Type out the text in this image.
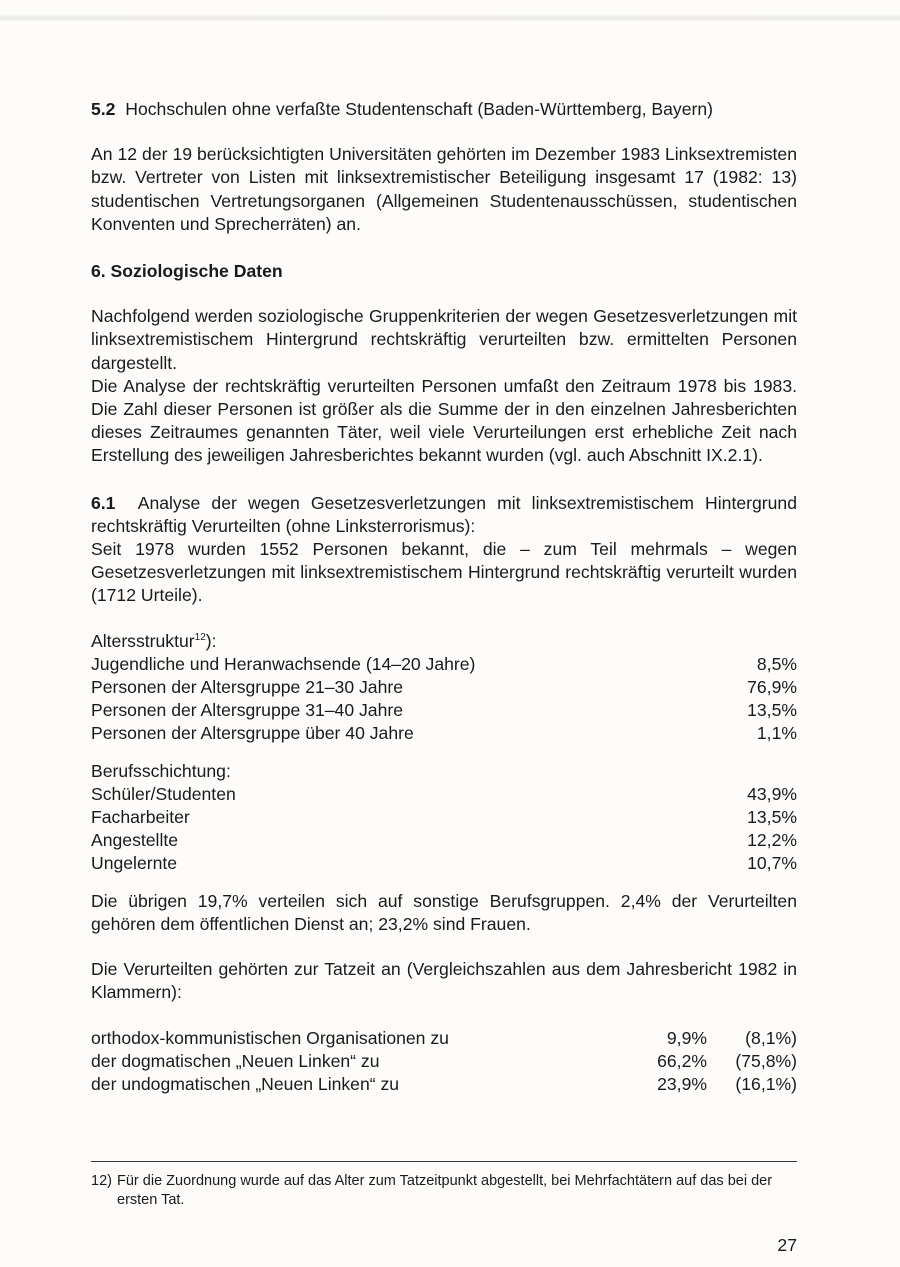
5.2 Hochschulen ohne verfaßte Studentenschaft (Baden-Württemberg, Bayern)

An 12 der 19 berücksichtigten Universitäten gehörten im Dezember 1983 Linksextremisten bzw. Vertreter von Listen mit linksextremistischer Beteiligung insgesamt 17 (1982: 13) studentischen Vertretungsorganen (Allgemeinen Studentenausschüssen, studentischen Konventen und Sprecherräten) an.

6. Soziologische Daten

Nachfolgend werden soziologische Gruppenkriterien der wegen Gesetzesverletzungen mit linksextremistischem Hintergrund rechtskräftig verurteilten bzw. ermittelten Personen dargestellt.

Die Analyse der rechtskräftig verurteilten Personen umfaßt den Zeitraum 1978 bis 1983. Die Zahl dieser Personen ist größer als die Summe der in den einzelnen Jahresberichten dieses Zeitraumes genannten Täter, weil viele Verurteilungen erst erhebliche Zeit nach Erstellung des jeweiligen Jahresberichtes bekannt wurden (vgl. auch Abschnitt IX.2.1).

6.1 Analyse der wegen Gesetzesverletzungen mit linksextremistischem Hintergrund rechtskräftig Verurteilten (ohne Linksterrorismus):

Seit 1978 wurden 1552 Personen bekannt, die – zum Teil mehrmals – wegen Gesetzesverletzungen mit linksextremistischem Hintergrund rechtskräftig verurteilt wurden (1712 Urteile).

Altersstruktur$^{12}$):

Jugendliche und Heranwachsende (14–20 Jahre)	8,5%
Personen der Altersgruppe 21–30 Jahre	76,9%
Personen der Altersgruppe 31–40 Jahre	13,5%
Personen der Altersgruppe über 40 Jahre	1,1%

Berufsschichtung:

Schüler/Studenten	43,9%
Facharbeiter	13,5%
Angestellte	12,2%
Ungelernte	10,7%

Die übrigen 19,7% verteilen sich auf sonstige Berufsgruppen. 2,4% der Verurteilten gehören dem öffentlichen Dienst an; 23,2% sind Frauen.

Die Verurteilten gehörten zur Tatzeit an (Vergleichszahlen aus dem Jahresbericht 1982 in Klammern):

orthodox-kommunistischen Organisationen zu	9,9%	(8,1%)
der dogmatischen „Neuen Linken“ zu	66,2%	(75,8%)
der undogmatischen „Neuen Linken“ zu	23,9%	(16,1%)
12) Für die Zuordnung wurde auf das Alter zum Tatzeitpunkt abgestellt, bei Mehrfachtätern auf das bei der ersten Tat.
27
